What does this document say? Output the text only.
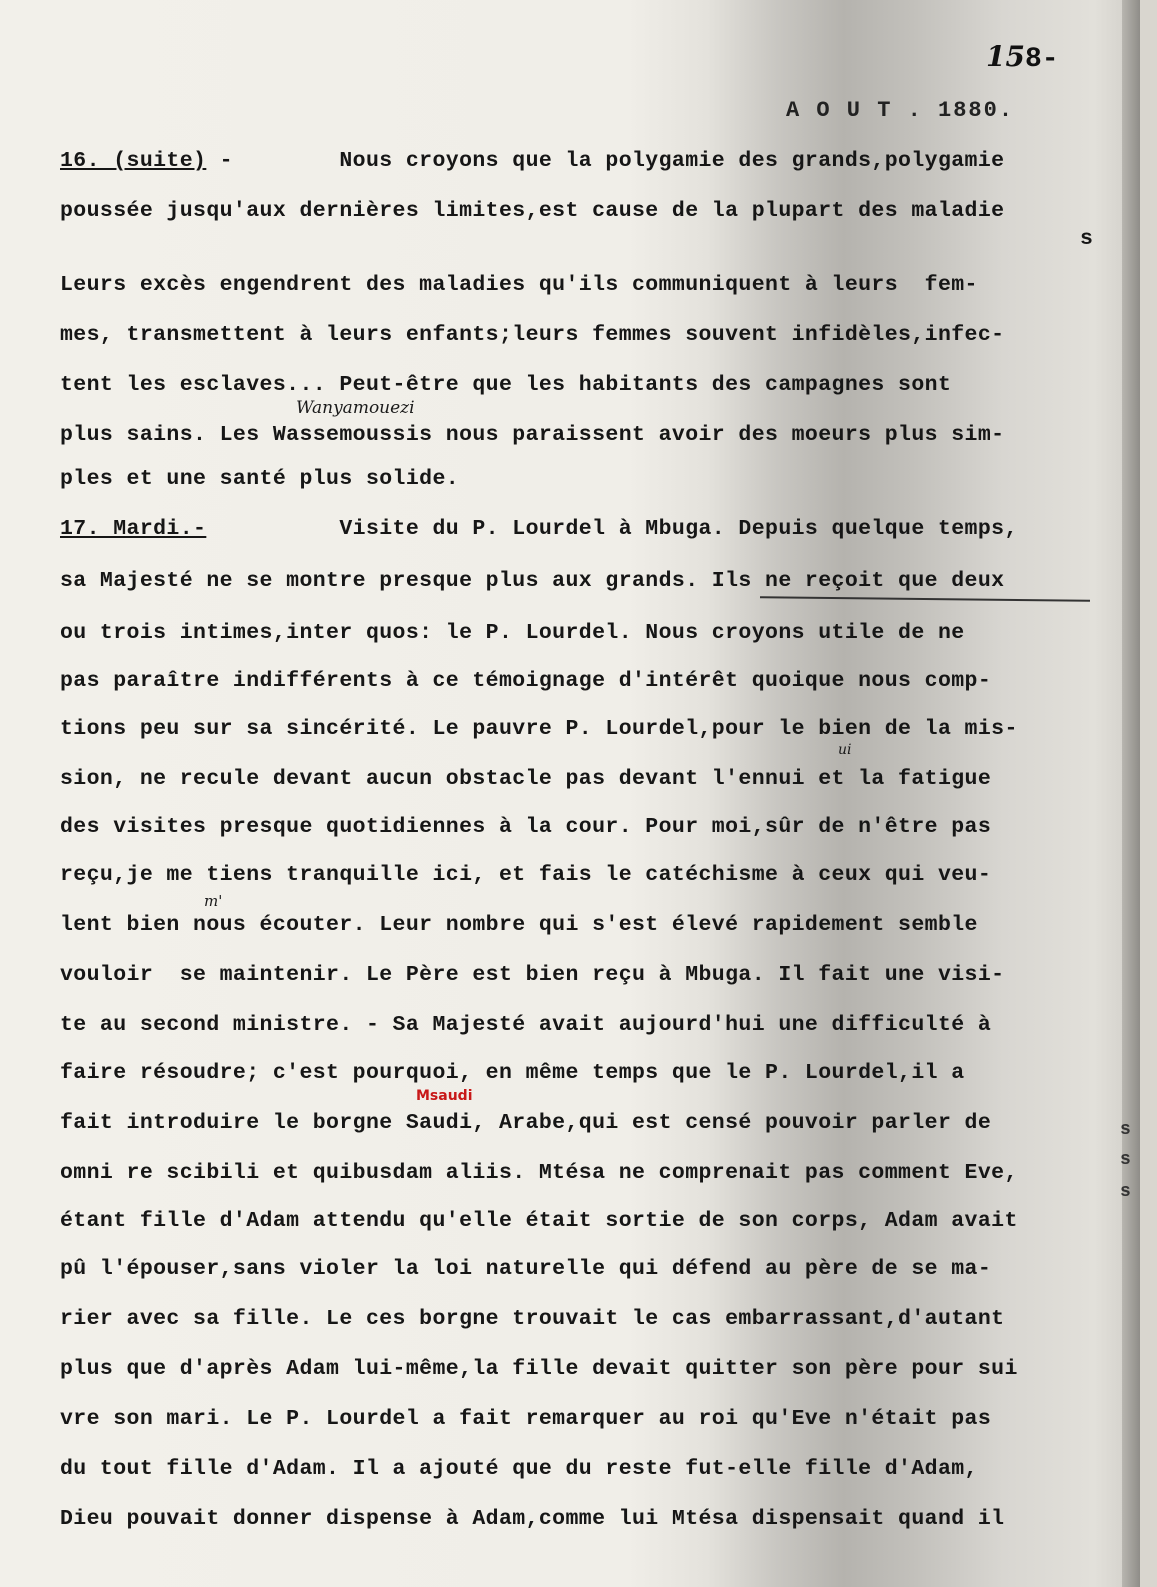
158-
A O U T . 1880.
16. (suite) -        Nous croyons que la polygamie des grands,polygamie
poussée jusqu'aux dernières limites,est cause de la plupart des maladie
s
Leurs excès engendrent des maladies qu'ils communiquent à leurs  fem-
mes, transmettent à leurs enfants;leurs femmes souvent infidèles,infec-
tent les esclaves... Peut-être que les habitants des campagnes sont
plus sains. Les Wassemoussis nous paraissent avoir des moeurs plus sim-
ples et une santé plus solide.
17. Mardi.-          Visite du P. Lourdel à Mbuga. Depuis quelque temps,
sa Majesté ne se montre presque plus aux grands. Ils ne reçoit que deux
ou trois intimes,inter quos: le P. Lourdel. Nous croyons utile de ne
pas paraître indifférents à ce témoignage d'intérêt quoique nous comp-
tions peu sur sa sincérité. Le pauvre P. Lourdel,pour le bien de la mis-
sion, ne recule devant aucun obstacle pas devant l'ennui et la fatigue
des visites presque quotidiennes à la cour. Pour moi,sûr de n'être pas
reçu,je me tiens tranquille ici, et fais le catéchisme à ceux qui veu-
lent bien nous écouter. Leur nombre qui s'est élevé rapidement semble
vouloir  se maintenir. Le Père est bien reçu à Mbuga. Il fait une visi-
te au second ministre. - Sa Majesté avait aujourd'hui une difficulté à
faire résoudre; c'est pourquoi, en même temps que le P. Lourdel,il a
fait introduire le borgne Saudi, Arabe,qui est censé pouvoir parler de
omni re scibili et quibusdam aliis. Mtésa ne comprenait pas comment Eve,
étant fille d'Adam attendu qu'elle était sortie de son corps, Adam avait
pû l'épouser,sans violer la loi naturelle qui défend au père de se ma-
rier avec sa fille. Le ces borgne trouvait le cas embarrassant,d'autant
plus que d'après Adam lui-même,la fille devait quitter son père pour sui
vre son mari. Le P. Lourdel a fait remarquer au roi qu'Eve n'était pas
du tout fille d'Adam. Il a ajouté que du reste fut-elle fille d'Adam,
Dieu pouvait donner dispense à Adam,comme lui Mtésa dispensait quand il
Wanyamouezi
ui
m'
Msaudi
s
s
s
